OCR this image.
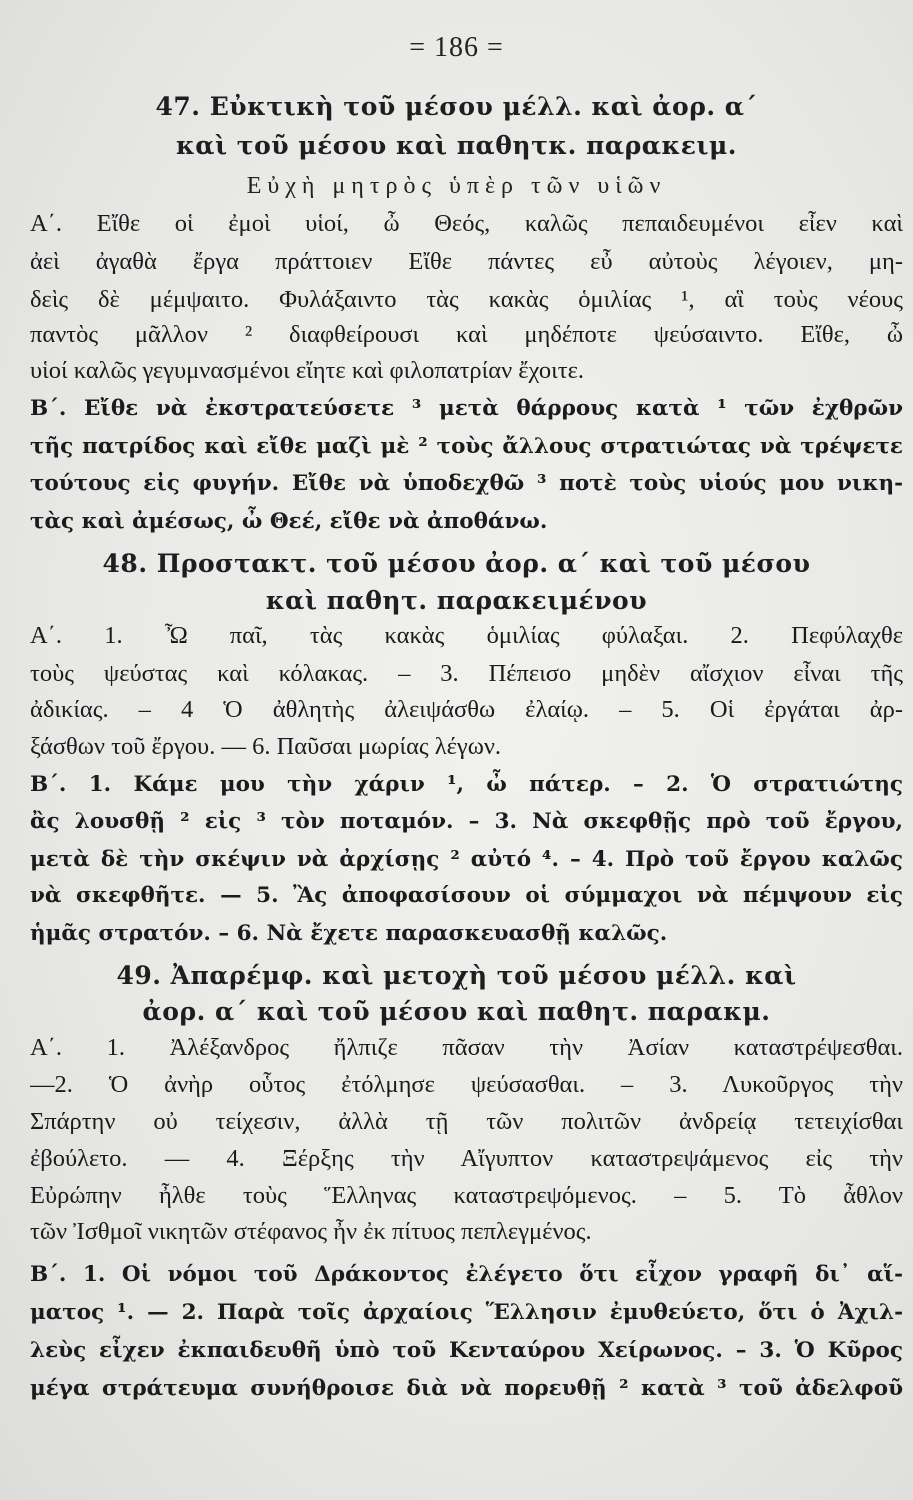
= 186 =
47. Εὐκτικὴ τοῦ μέσου μέλλ. καὶ ἀορ. α΄
καὶ τοῦ μέσου καὶ παθητκ. παρακειμ.
Εὐχὴ μητρὸς ὑπὲρ τῶν υἱῶν
Α΄. Εἴθε οἱ ἐμοὶ υἱοί, ὦ Θεός, καλῶς πεπαιδευμένοι εἶεν καὶ
ἀεὶ ἀγαθὰ ἔργα πράττοιεν Εἴθε πάντες εὖ αὐτοὺς λέγοιεν, μη-
δεὶς δὲ μέμψαιτο. Φυλάξαιντο τὰς κακὰς ὁμιλίας ¹, αἳ τοὺς νέους
παντὸς μᾶλλον ² διαφθείρουσι καὶ μηδέποτε ψεύσαιντο. Εἴθε, ὦ
υἱοί καλῶς γεγυμνασμένοι εἴητε καὶ φιλοπατρίαν ἔχοιτε.
Β΄. Εἴθε νὰ ἐκστρατεύσετε ³ μετὰ θάρρους κατὰ ¹ τῶν ἐχθρῶν
τῆς πατρίδος καὶ εἴθε μαζὶ μὲ ² τοὺς ἄλλους στρατιώτας νὰ τρέψετε
τούτους εἰς φυγήν. Εἴθε νὰ ὑποδεχθῶ ³ ποτὲ τοὺς υἱούς μου νικη-
τὰς καὶ ἀμέσως, ὦ Θεέ, εἴθε νὰ ἀποθάνω.
48. Προστακτ. τοῦ μέσου ἀορ. α΄ καὶ τοῦ μέσου
καὶ παθητ. παρακειμένου
Α΄. 1. Ὦ παῖ, τὰς κακὰς ὁμιλίας φύλαξαι. 2. Πεφύλαχθε
τοὺς ψεύστας καὶ κόλακας. – 3. Πέπεισο μηδὲν αἴσχιον εἶναι τῆς
ἀδικίας. – 4 Ὁ ἀθλητὴς ἀλειψάσθω ἐλαίῳ. – 5. Οἱ ἐργάται ἀρ-
ξάσθων τοῦ ἔργου. — 6. Παῦσαι μωρίας λέγων.
Β΄. 1. Κάμε μου τὴν χάριν ¹, ὦ πάτερ. – 2. Ὁ στρατιώτης
ἂς λουσθῇ ² εἰς ³ τὸν ποταμόν. – 3. Νὰ σκεφθῇς πρὸ τοῦ ἔργου,
μετὰ δὲ τὴν σκέψιν νὰ ἀρχίσῃς ² αὐτό ⁴. – 4. Πρὸ τοῦ ἔργου καλῶς
νὰ σκεφθῆτε. — 5. Ἂς ἀποφασίσουν οἱ σύμμαχοι νὰ πέμψουν εἰς
ἡμᾶς στρατόν. – 6. Νὰ ἔχετε παρασκευασθῇ καλῶς.
49. Ἀπαρέμφ. καὶ μετοχὴ τοῦ μέσου μέλλ. καὶ
ἀορ. α΄ καὶ τοῦ μέσου καὶ παθητ. παρακμ.
Α΄. 1. Ἀλέξανδρος ἤλπιζε πᾶσαν τὴν Ἀσίαν καταστρέψεσθαι.
—2. Ὁ ἀνὴρ οὗτος ἐτόλμησε ψεύσασθαι. – 3. Λυκοῦργος τὴν
Σπάρτην οὐ τείχεσιν, ἀλλὰ τῇ τῶν πολιτῶν ἀνδρείᾳ τετειχίσθαι
ἐβούλετο. — 4. Ξέρξης τὴν Αἴγυπτον καταστρεψάμενος εἰς τὴν
Εὐρώπην ἦλθε τοὺς Ἕλληνας καταστρεψόμενος. – 5. Τὸ ἆθλον
τῶν Ἰσθμοῖ νικητῶν στέφανος ἦν ἐκ πίτυος πεπλεγμένος.
Β΄. 1. Οἱ νόμοι τοῦ Δράκοντος ἐλέγετο ὅτι εἶχον γραφῆ δι᾽ αἵ-
ματος ¹. — 2. Παρὰ τοῖς ἀρχαίοις Ἕλλησιν ἐμυθεύετο, ὅτι ὁ Ἀχιλ-
λεὺς εἶχεν ἐκπαιδευθῆ ὑπὸ τοῦ Κενταύρου Χείρωνος. – 3. Ὁ Κῦρος
μέγα στράτευμα συνήθροισε διὰ νὰ πορευθῇ ² κατὰ ³ τοῦ ἀδελφοῦ
